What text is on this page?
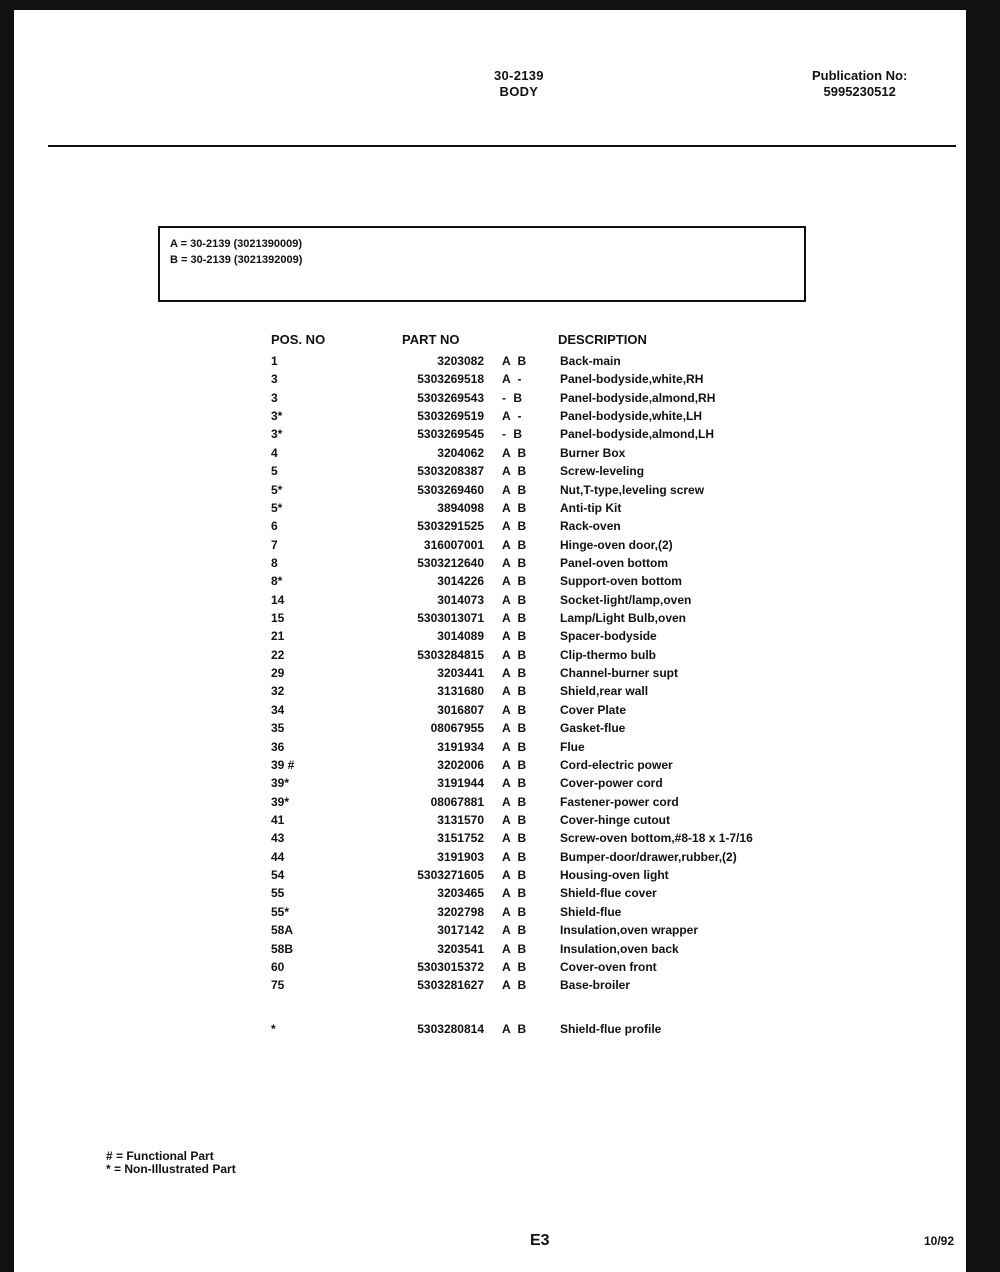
30-2139
BODY
Publication No:
5995230512
A = 30-2139 (3021390009)
B = 30-2139 (3021392009)
POS. NO	PART NO	DESCRIPTION
1	3203082 A B	Back-main
3	5303269518 A -	Panel-bodyside,white,RH
3	5303269543 - B	Panel-bodyside,almond,RH
3*	5303269519 A -	Panel-bodyside,white,LH
3*	5303269545 - B	Panel-bodyside,almond,LH
4	3204062 A B	Burner Box
5	5303208387 A B	Screw-leveling
5*	5303269460 A B	Nut,T-type,leveling screw
5*	3894098 A B	Anti-tip Kit
6	5303291525 A B	Rack-oven
7	316007001 A B	Hinge-oven door,(2)
8	5303212640 A B	Panel-oven bottom
8*	3014226 A B	Support-oven bottom
14	3014073 A B	Socket-light/lamp,oven
15	5303013071 A B	Lamp/Light Bulb,oven
21	3014089 A B	Spacer-bodyside
22	5303284815 A B	Clip-thermo bulb
29	3203441 A B	Channel-burner supt
32	3131680 A B	Shield,rear wall
34	3016807 A B	Cover Plate
35	08067955 A B	Gasket-flue
36	3191934 A B	Flue
39 #	3202006 A B	Cord-electric power
39*	3191944 A B	Cover-power cord
39*	08067881 A B	Fastener-power cord
41	3131570 A B	Cover-hinge cutout
43	3151752 A B	Screw-oven bottom,#8-18 x 1-7/16
44	3191903 A B	Bumper-door/drawer,rubber,(2)
54	5303271605 A B	Housing-oven light
55	3203465 A B	Shield-flue cover
55*	3202798 A B	Shield-flue
58A	3017142 A B	Insulation,oven wrapper
58B	3203541 A B	Insulation,oven back
60	5303015372 A B	Cover-oven front
75	5303281627 A B	Base-broiler
*	5303280814 A B	Shield-flue profile
# = Functional Part
* = Non-Illustrated Part
E3	10/92
